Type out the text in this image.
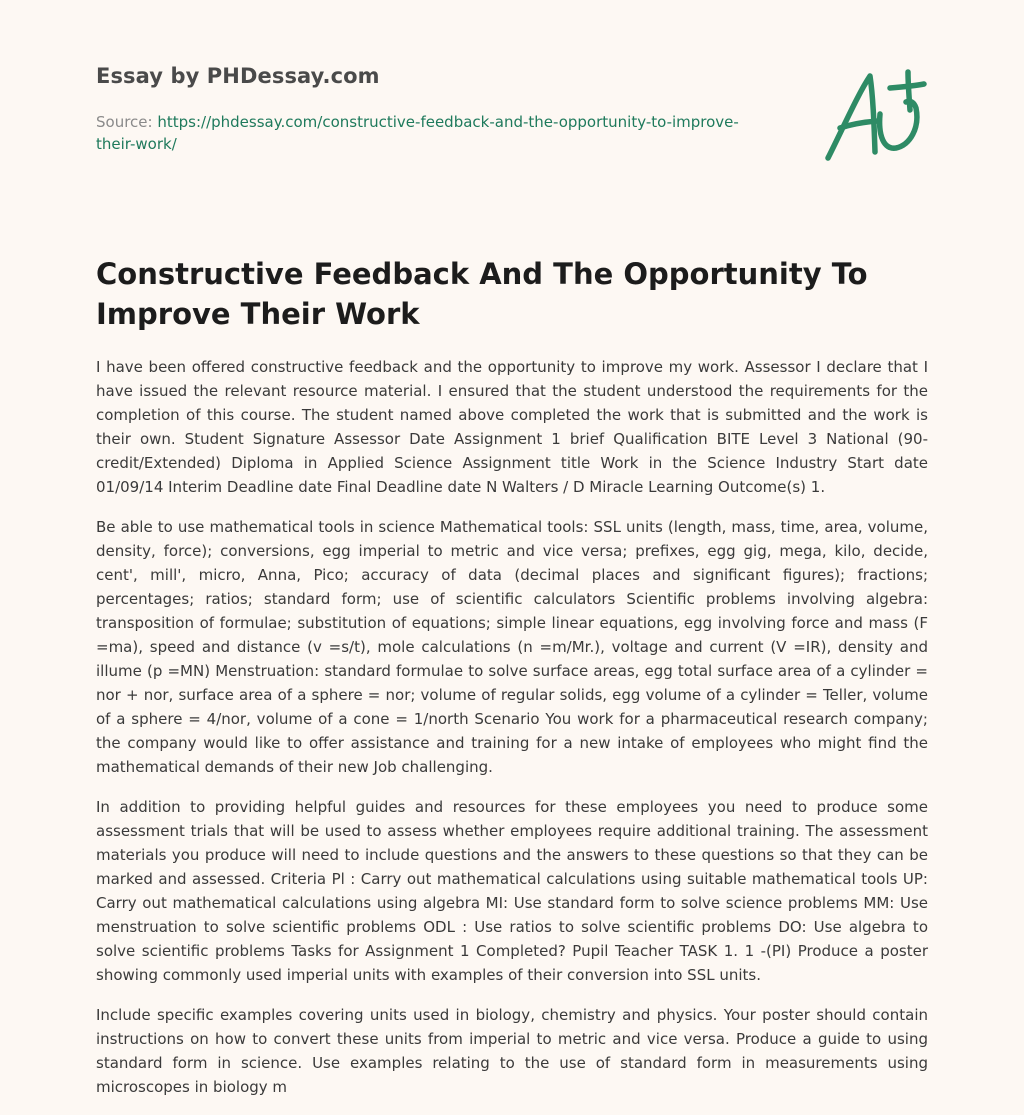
Essay by PHDessay.com
Source: https://phdessay.com/constructive-feedback-and-the-opportunity-to-improve-their-work/
Constructive Feedback And The Opportunity To Improve Their Work

I have been offered constructive feedback and the opportunity to improve my work. Assessor I declare that I have issued the relevant resource material. I ensured that the student understood the requirements for the completion of this course. The student named above completed the work that is submitted and the work is their own. Student Signature Assessor Date Assignment 1 brief Qualification BITE Level 3 National (90-credit/Extended) Diploma in Applied Science Assignment title Work in the Science Industry Start date 01/09/14 Interim Deadline date Final Deadline date N Walters / D Miracle Learning Outcome(s) 1.

Be able to use mathematical tools in science Mathematical tools: SSL units (length, mass, time, area, volume, density, force); conversions, egg imperial to metric and vice versa; prefixes, egg gig, mega, kilo, decide, cent', mill', micro, Anna, Pico; accuracy of data (decimal places and significant figures); fractions; percentages; ratios; standard form; use of scientific calculators Scientific problems involving algebra: transposition of formulae; substitution of equations; simple linear equations, egg involving force and mass (F =ma), speed and distance (v =s/t), mole calculations (n =m/Mr.), voltage and current (V =IR), density and illume (p =MN) Menstruation: standard formulae to solve surface areas, egg total surface area of a cylinder = nor + nor, surface area of a sphere = nor; volume of regular solids, egg volume of a cylinder = Teller, volume of a sphere = 4/nor, volume of a cone = 1/north Scenario You work for a pharmaceutical research company; the company would like to offer assistance and training for a new intake of employees who might find the mathematical demands of their new Job challenging.

In addition to providing helpful guides and resources for these employees you need to produce some assessment trials that will be used to assess whether employees require additional training. The assessment materials you produce will need to include questions and the answers to these questions so that they can be marked and assessed. Criteria Pl : Carry out mathematical calculations using suitable mathematical tools UP: Carry out mathematical calculations using algebra MI: Use standard form to solve science problems MM: Use menstruation to solve scientific problems ODL : Use ratios to solve scientific problems DO: Use algebra to solve scientific problems Tasks for Assignment 1 Completed? Pupil Teacher TASK 1. 1 -(PI) Produce a poster showing commonly used imperial units with examples of their conversion into SSL units.

Include specific examples covering units used in biology, chemistry and physics. Your poster should contain instructions on how to convert these units from imperial to metric and vice versa. Produce a guide to using standard form in science. Use examples relating to the use of standard form in measurements using microscopes in biology m
